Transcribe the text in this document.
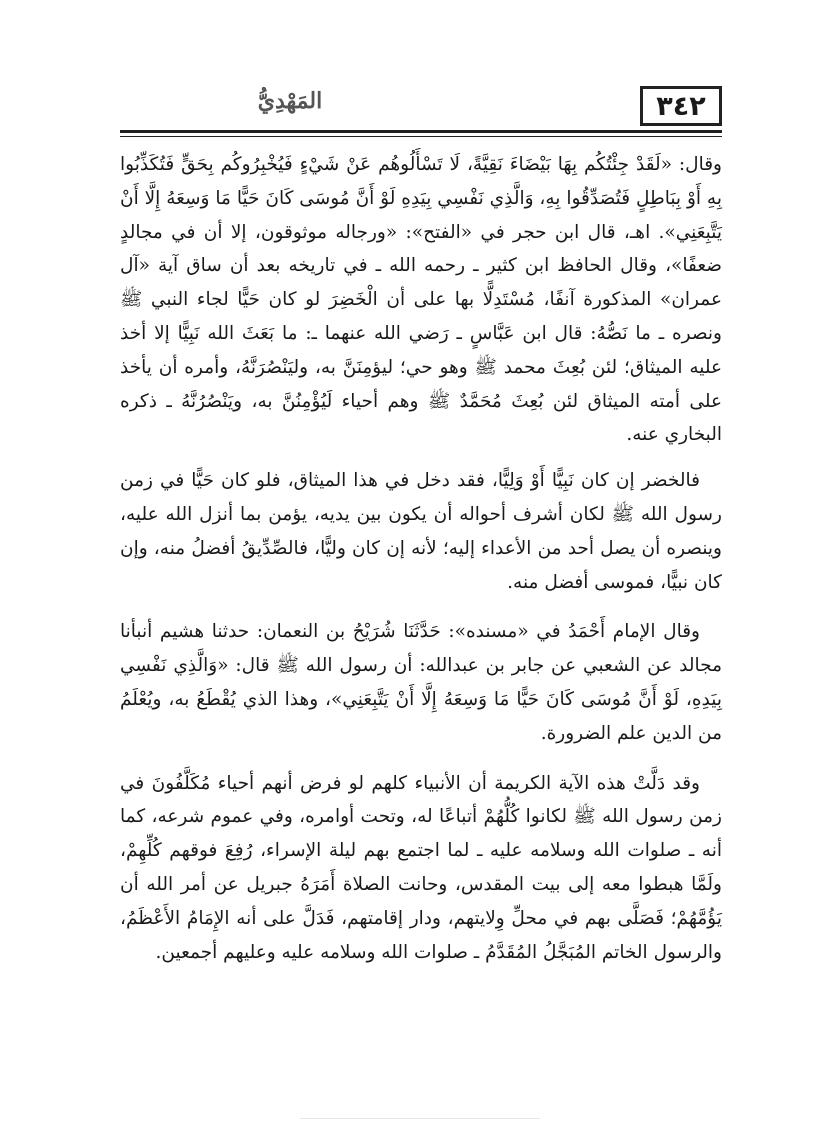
٣٤٢
المَهْدِيُّ

وقال: «لَقَدْ جِئْتُكُم بِهَا بَيْضَاءَ نَقِيَّةً، لَا تَسْأَلُوهُم عَنْ شَيْءٍ فَيُخْبِرُوكُم بِحَقٍّ فَتُكَذِّبُوا بِهِ أَوْ بِبَاطِلٍ فَتُصَدِّقُوا بِهِ، وَالَّذِي نَفْسِي بِيَدِهِ لَوْ أَنَّ مُوسَى كَانَ حَيًّا مَا وَسِعَهُ إِلَّا أَنْ يَتَّبِعَنِي». اهـ، قال ابن حجر في «الفتح»: «ورجاله موثوقون، إلا أن في مجالدٍ ضعفًا»، وقال الحافظ ابن كثير ـ رحمه الله ـ في تاريخه بعد أن ساق آية «آل عمران» المذكورة آنفًا، مُسْتَدِلًّا بها على أن الْخَضِرَ لو كان حَيًّا لجاء النبي ﷺ ونصره ـ ما نَصُّهُ: قال ابن عَبَّاسٍ ـ رَضي الله عنهما ـ: ما بَعَثَ الله نَبِيًّا إلا أخذ عليه الميثاق؛ لئن بُعِثَ محمد ﷺ وهو حي؛ ليؤمِنَنَّ به، وليَنْصُرَنَّهُ، وأمره أن يأخذ على أمته الميثاق لئن بُعِثَ مُحَمَّدٌ ﷺ وهم أحياء لَيُؤْمِنُنَّ به، ويَنْصُرُنَّهُ ـ ذكره البخاري عنه.

فالخضر إن كان نَبِيًّا أَوْ وَلِيًّا، فقد دخل في هذا الميثاق، فلو كان حَيًّا في زمن رسول الله ﷺ لكان أشرف أحواله أن يكون بين يديه، يؤمن بما أنزل الله عليه، وينصره أن يصل أحد من الأعداء إليه؛ لأنه إن كان وليًّا، فالصِّدِّيقُ أفضلُ منه، وإن كان نبيًّا، فموسى أفضل منه.

وقال الإمام أَحْمَدُ في «مسنده»: حَدَّثَنَا شُرَيْحُ بن النعمان: حدثنا هشيم أنبأنا مجالد عن الشعبي عن جابر بن عبدالله: أن رسول الله ﷺ قال: «وَالَّذِي نَفْسِي بِيَدِهِ، لَوْ أَنَّ مُوسَى كَانَ حَيًّا مَا وَسِعَهُ إِلَّا أَنْ يَتَّبِعَنِي»، وهذا الذي يُقْطَعُ به، ويُعْلَمُ من الدين علم الضرورة.

وقد دَلَّتْ هذه الآية الكريمة أن الأنبياء كلهم لو فرض أنهم أحياء مُكَلَّفُونَ في زمن رسول الله ﷺ لكانوا كُلُّهُمْ أتباعًا له، وتحت أوامره، وفي عموم شرعه، كما أنه ـ صلوات الله وسلامه عليه ـ لما اجتمع بهم ليلة الإسراء، رُفِعَ فوقهم كُلِّهِمْ، ولَمَّا هبطوا معه إلى بيت المقدس، وحانت الصلاة أَمَرَهُ جبريل عن أمر الله أن يَؤُمَّهُمْ؛ فَصَلَّى بهم في محلِّ وِلايتهم، ودار إقامتهم، فَدَلَّ على أنه الإِمَامُ الأَعْظَمُ، والرسول الخاتم المُبَجَّلُ المُقَدَّمُ ـ صلوات الله وسلامه عليه وعليهم أجمعين.
